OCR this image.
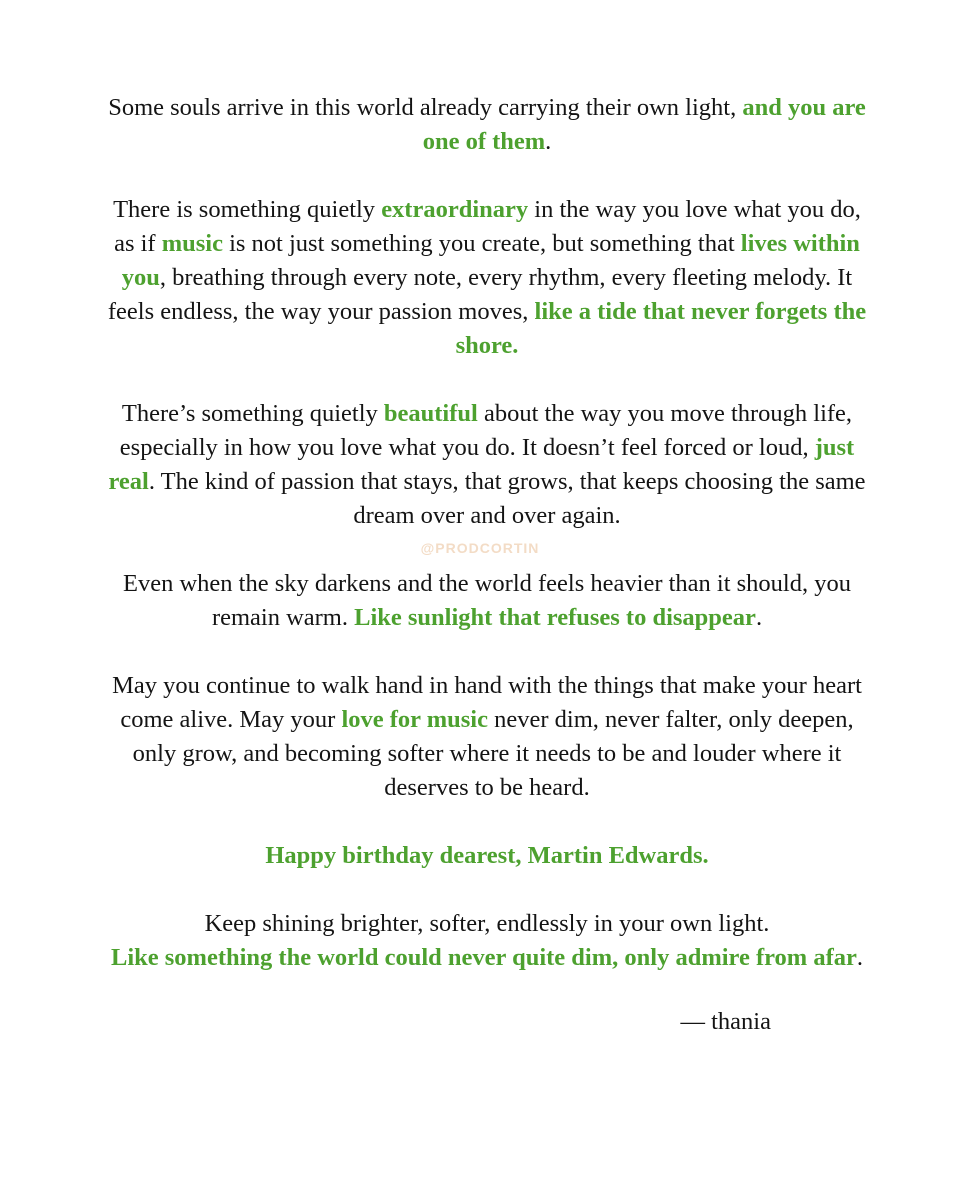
Some souls arrive in this world already carrying their own light, and you are one of them.

There is something quietly extraordinary in the way you love what you do, as if music is not just something you create, but something that lives within you, breathing through every note, every rhythm, every fleeting melody. It feels endless, the way your passion moves, like a tide that never forgets the shore.

There’s something quietly beautiful about the way you move through life, especially in how you love what you do. It doesn’t feel forced or loud, just real. The kind of passion that stays, that grows, that keeps choosing the same dream over and over again.

Even when the sky darkens and the world feels heavier than it should, you remain warm. Like sunlight that refuses to disappear.

May you continue to walk hand in hand with the things that make your heart come alive. May your love for music never dim, never falter, only deepen, only grow, and becoming softer where it needs to be and louder where it deserves to be heard.

Happy birthday dearest, Martin Edwards.

Keep shining brighter, softer, endlessly in your own light.
Like something the world could never quite dim, only admire from afar.

@PRODCORTIN
— thania
